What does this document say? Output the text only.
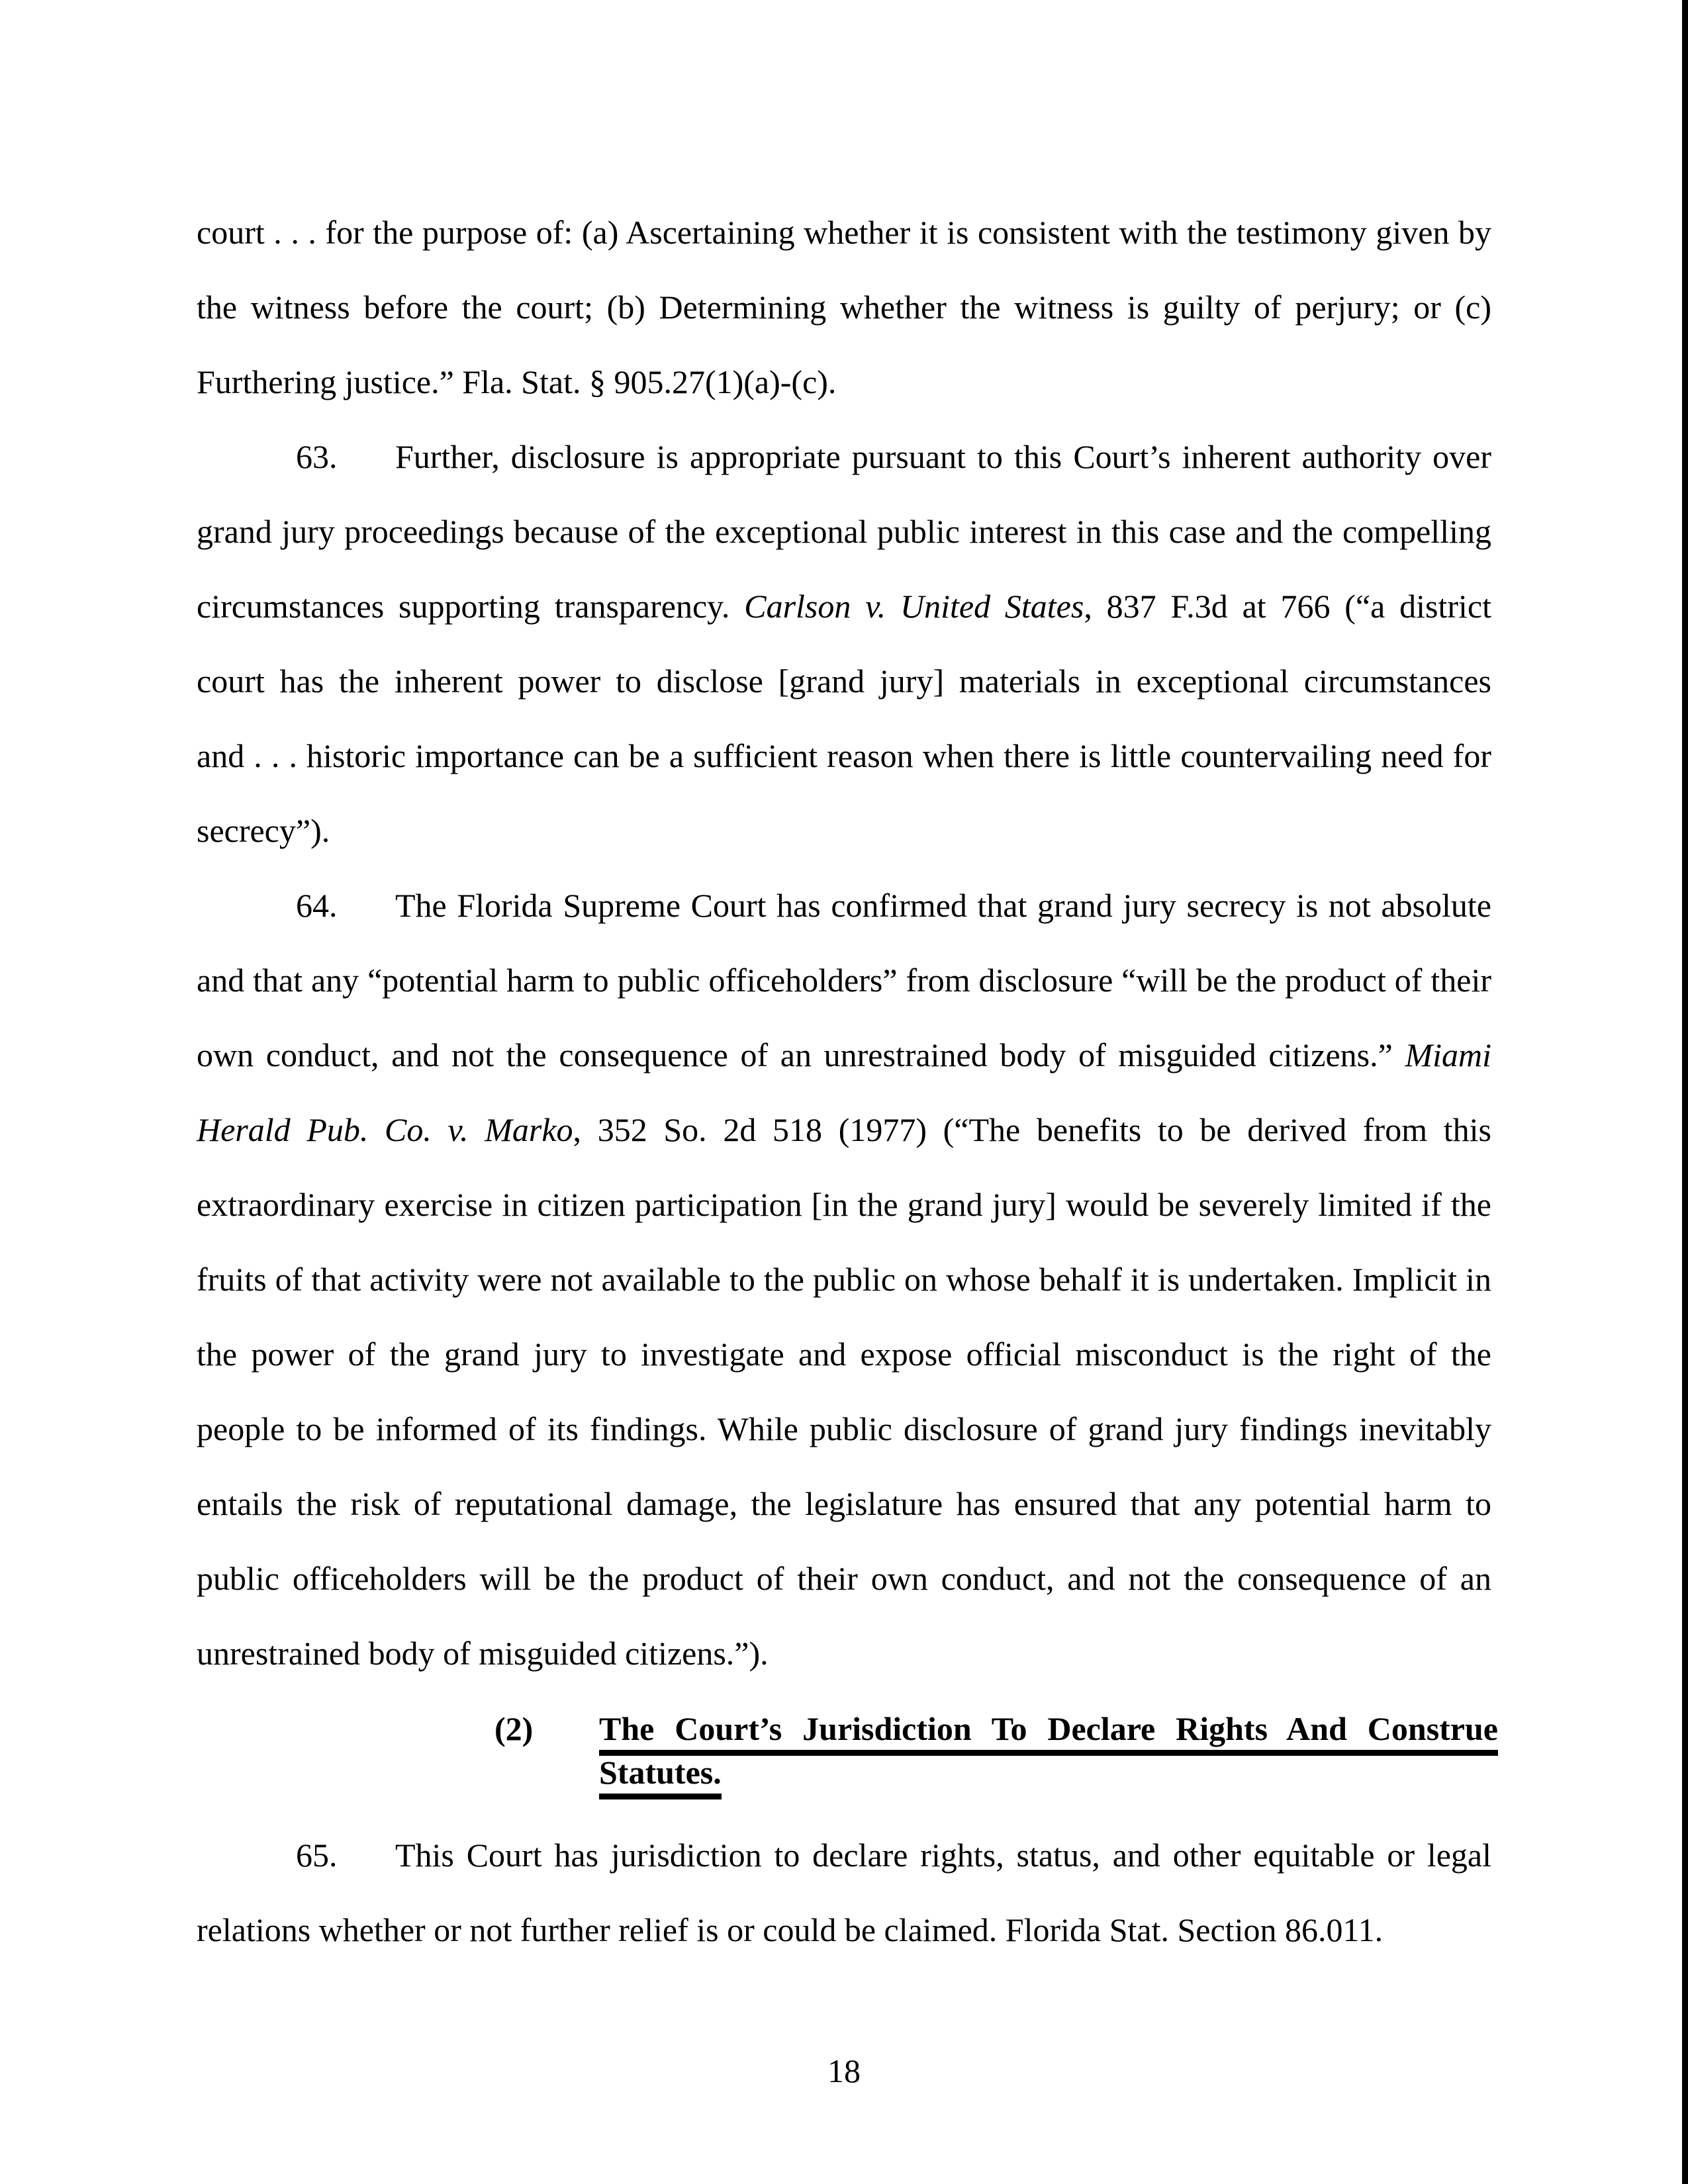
court . . . for the purpose of: (a) Ascertaining whether it is consistent with the testimony given by the witness before the court; (b) Determining whether the witness is guilty of perjury; or (c) Furthering justice.” Fla. Stat. § 905.27(1)(a)-(c).

63. Further, disclosure is appropriate pursuant to this Court’s inherent authority over grand jury proceedings because of the exceptional public interest in this case and the compelling circumstances supporting transparency. Carlson v. United States, 837 F.3d at 766 (“a district court has the inherent power to disclose [grand jury] materials in exceptional circumstances and . . . historic importance can be a sufficient reason when there is little countervailing need for secrecy”).

64. The Florida Supreme Court has confirmed that grand jury secrecy is not absolute and that any “potential harm to public officeholders” from disclosure “will be the product of their own conduct, and not the consequence of an unrestrained body of misguided citizens.” Miami Herald Pub. Co. v. Marko, 352 So. 2d 518 (1977) (“The benefits to be derived from this extraordinary exercise in citizen participation [in the grand jury] would be severely limited if the fruits of that activity were not available to the public on whose behalf it is undertaken. Implicit in the power of the grand jury to investigate and expose official misconduct is the right of the people to be informed of its findings. While public disclosure of grand jury findings inevitably entails the risk of reputational damage, the legislature has ensured that any potential harm to public officeholders will be the product of their own conduct, and not the consequence of an unrestrained body of misguided citizens.”).

(2) The Court’s Jurisdiction To Declare Rights And Construe
Statutes.

65. This Court has jurisdiction to declare rights, status, and other equitable or legal relations whether or not further relief is or could be claimed. Florida Stat. Section 86.011.

18
